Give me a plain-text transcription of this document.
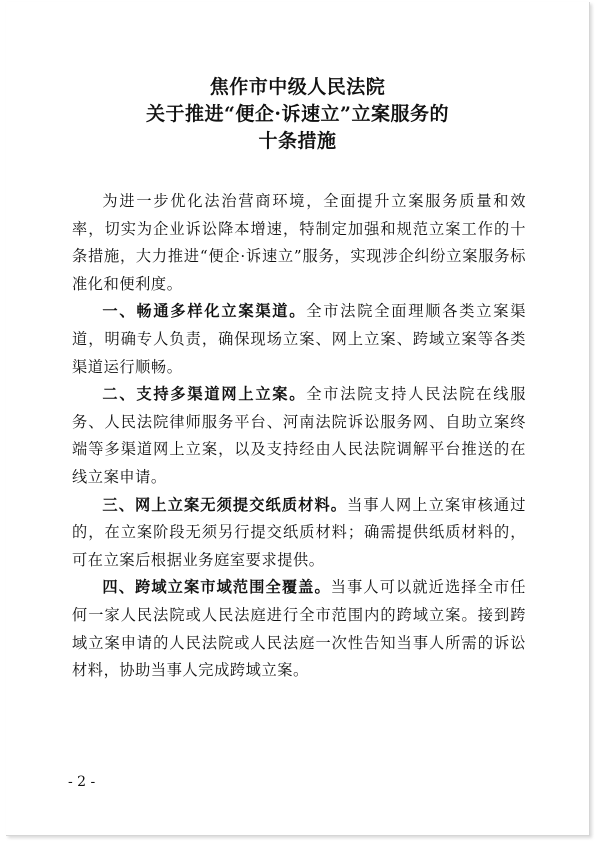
焦作市中级人民法院
关于推进“便企·诉速立”立案服务的
十条措施

为进一步优化法治营商环境，全面提升立案服务质量和效率，切实为企业诉讼降本增速，特制定加强和规范立案工作的十条措施，大力推进“便企·诉速立”服务，实现涉企纠纷立案服务标准化和便利度。

一、畅通多样化立案渠道。全市法院全面理顺各类立案渠道，明确专人负责，确保现场立案、网上立案、跨域立案等各类渠道运行顺畅。

二、支持多渠道网上立案。全市法院支持人民法院在线服务、人民法院律师服务平台、河南法院诉讼服务网、自助立案终端等多渠道网上立案，以及支持经由人民法院调解平台推送的在线立案申请。

三、网上立案无须提交纸质材料。当事人网上立案审核通过的，在立案阶段无须另行提交纸质材料；确需提供纸质材料的，可在立案后根据业务庭室要求提供。

四、跨域立案市域范围全覆盖。当事人可以就近选择全市任何一家人民法院或人民法庭进行全市范围内的跨域立案。接到跨域立案申请的人民法院或人民法庭一次性告知当事人所需的诉讼材料，协助当事人完成跨域立案。

- 2 -
